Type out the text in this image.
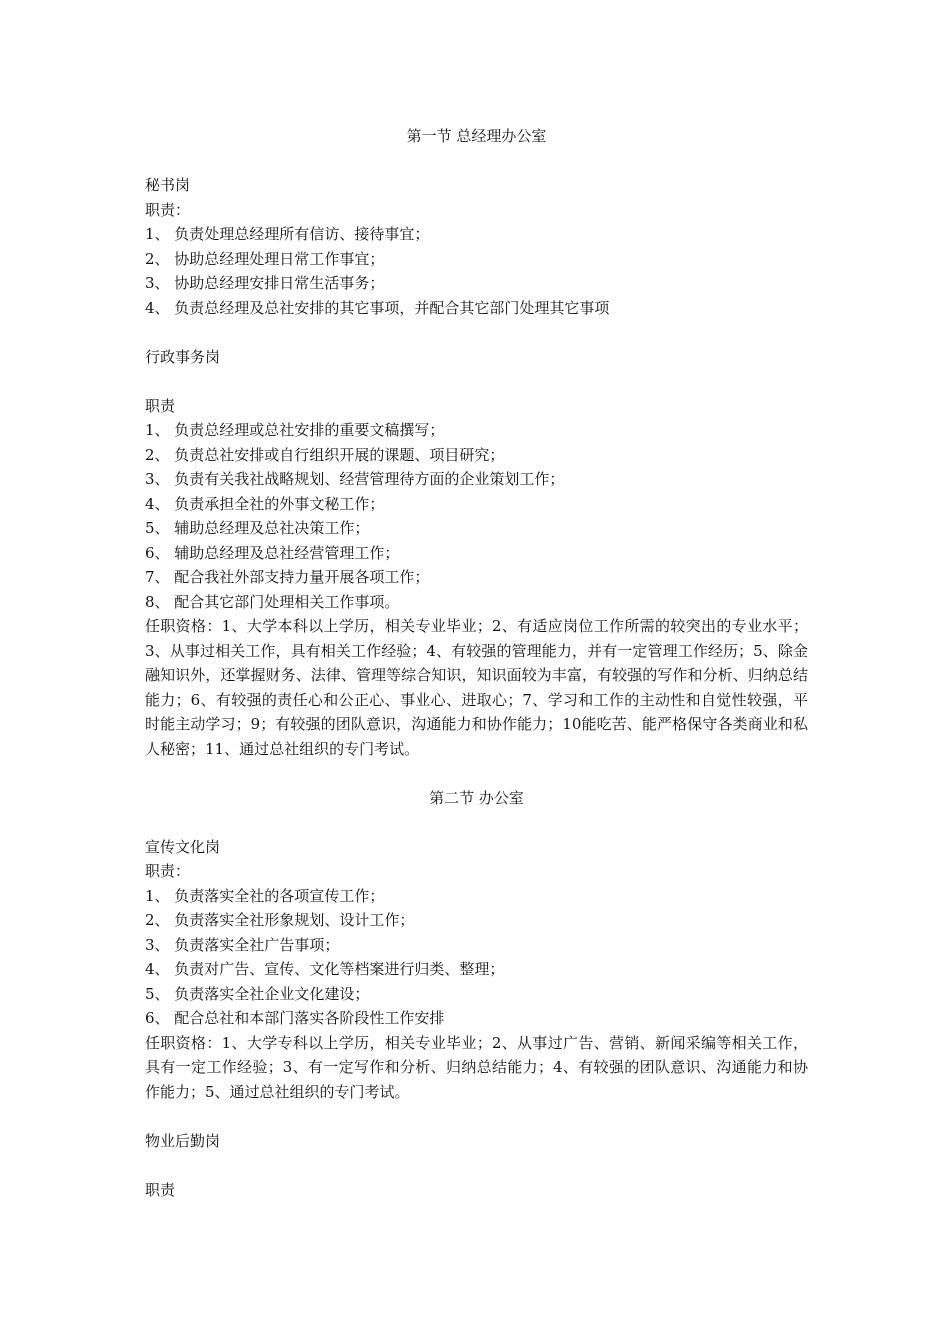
第一节 总经理办公室

秘书岗

职责：

1、 负责处理总经理所有信访、接待事宜；

2、 协助总经理处理日常工作事宜；

3、 协助总经理安排日常生活事务；

4、 负责总经理及总社安排的其它事项，并配合其它部门处理其它事项

行政事务岗

职责

1、 负责总经理或总社安排的重要文稿撰写；

2、 负责总社安排或自行组织开展的课题、项目研究；

3、 负责有关我社战略规划、经营管理待方面的企业策划工作；

4、 负责承担全社的外事文秘工作；

5、 辅助总经理及总社决策工作；

6、 辅助总经理及总社经营管理工作；

7、 配合我社外部支持力量开展各项工作；

8、 配合其它部门处理相关工作事项。

任职资格：1、大学本科以上学历，相关专业毕业；2、有适应岗位工作所需的较突出的专业水平；3、从事过相关工作，具有相关工作经验；4、有较强的管理能力，并有一定管理工作经历；5、除金融知识外，还掌握财务、法律、管理等综合知识，知识面较为丰富，有较强的写作和分析、归纳总结能力；6、有较强的责任心和公正心、事业心、进取心；7、学习和工作的主动性和自觉性较强，平时能主动学习；9；有较强的团队意识，沟通能力和协作能力；10能吃苦、能严格保守各类商业和私人秘密；11、通过总社组织的专门考试。

第二节 办公室

宣传文化岗

职责：

1、 负责落实全社的各项宣传工作；

2、 负责落实全社形象规划、设计工作；

3、 负责落实全社广告事项；

4、 负责对广告、宣传、文化等档案进行归类、整理；

5、 负责落实全社企业文化建设；

6、 配合总社和本部门落实各阶段性工作安排

任职资格：1、大学专科以上学历，相关专业毕业；2、从事过广告、营销、新闻采编等相关工作，具有一定工作经验；3、有一定写作和分析、归纳总结能力；4、有较强的团队意识、沟通能力和协作能力；5、通过总社组织的专门考试。

物业后勤岗

职责
